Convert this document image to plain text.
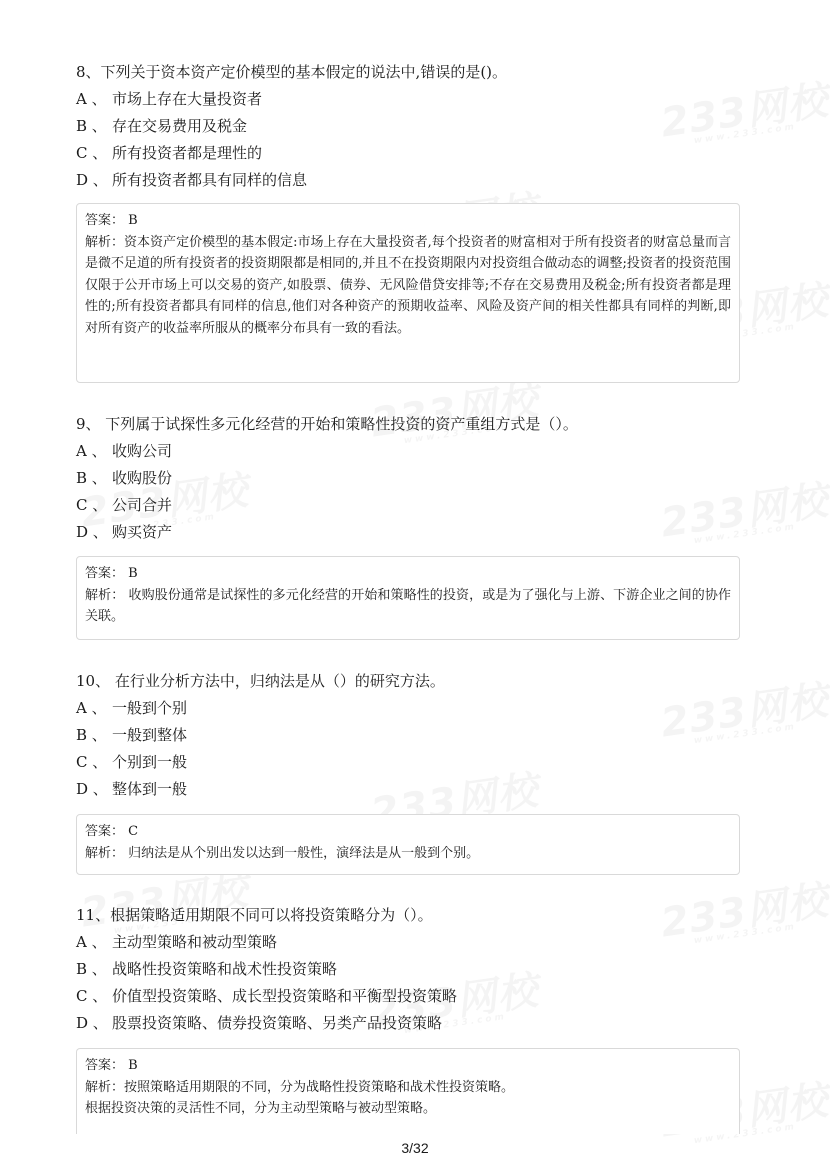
8、下列关于资本资产定价模型的基本假定的说法中,错误的是()。
A 、 市场上存在大量投资者
B 、 存在交易费用及税金
C 、 所有投资者都是理性的
D 、 所有投资者都具有同样的信息
答案： B
解析：资本资产定价模型的基本假定:市场上存在大量投资者,每个投资者的财富相对于所有投资者的财富总量而言是微不足道的所有投资者的投资期限都是相同的,并且不在投资期限内对投资组合做动态的调整;投资者的投资范围仅限于公开市场上可以交易的资产,如股票、债券、无风险借贷安排等;不存在交易费用及税金;所有投资者都是理性的;所有投资者都具有同样的信息,他们对各种资产的预期收益率、风险及资产间的相关性都具有同样的判断,即对所有资产的收益率所服从的概率分布具有一致的看法。
9、 下列属于试探性多元化经营的开始和策略性投资的资产重组方式是（）。
A 、 收购公司
B 、 收购股份
C 、 公司合并
D 、 购买资产
答案： B
解析： 收购股份通常是试探性的多元化经营的开始和策略性的投资，或是为了强化与上游、下游企业之间的协作关联。
10、 在行业分析方法中，归纳法是从（）的研究方法。
A 、 一般到个别
B 、 一般到整体
C 、 个别到一般
D 、 整体到一般
答案： C
解析： 归纳法是从个别出发以达到一般性，演绎法是从一般到个别。
11、根据策略适用期限不同可以将投资策略分为（）。
A 、 主动型策略和被动型策略
B 、 战略性投资策略和战术性投资策略
C 、 价值型投资策略、成长型投资策略和平衡型投资策略
D 、 股票投资策略、债券投资策略、另类产品投资策略
答案： B
解析：按照策略适用期限的不同，分为战略性投资策略和战术性投资策略。
根据投资决策的灵活性不同，分为主动型策略与被动型策略。
3/32
